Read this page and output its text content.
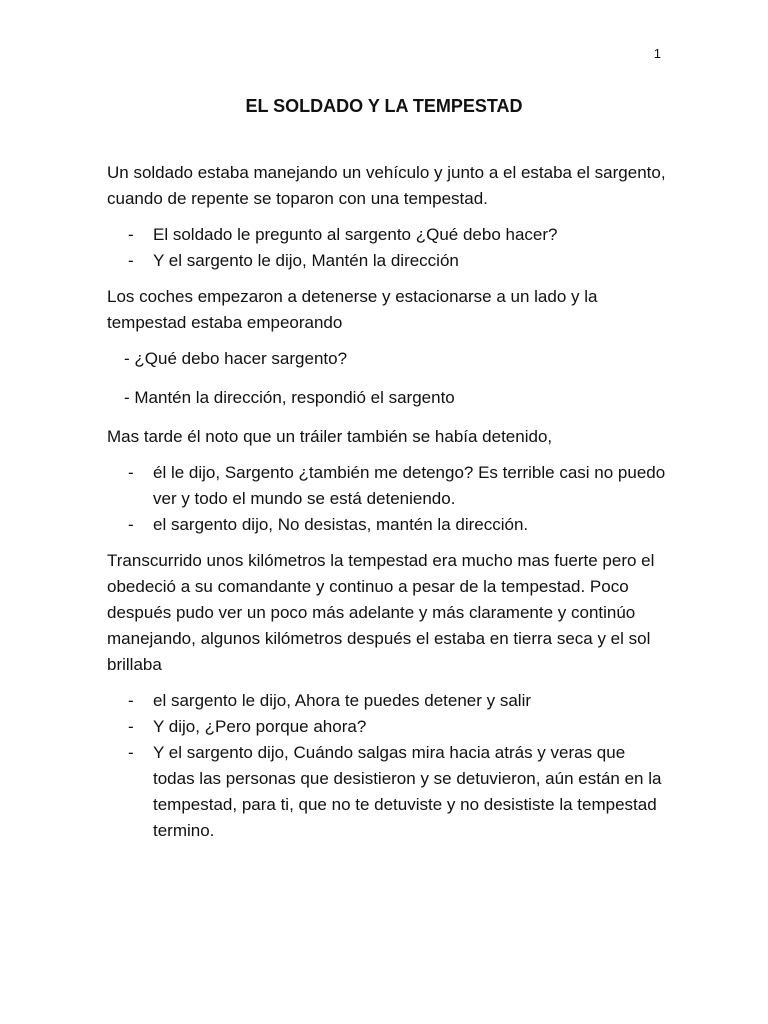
1
EL SOLDADO Y LA TEMPESTAD

Un soldado estaba manejando un vehículo y junto a el estaba el sargento, cuando de repente se toparon con una tempestad.

- El soldado le pregunto al sargento ¿Qué debo hacer?
- Y el sargento le dijo, Mantén la dirección

Los coches empezaron a detenerse y estacionarse a un lado y la tempestad estaba empeorando

- ¿Qué debo hacer sargento?

- Mantén la dirección, respondió el sargento

Mas tarde él noto que un tráiler también se había detenido,

- él le dijo, Sargento ¿también me detengo? Es terrible casi no puedo ver y todo el mundo se está deteniendo.
- el sargento dijo, No desistas, mantén la dirección.

Transcurrido unos kilómetros la tempestad era mucho mas fuerte pero el obedeció a su comandante y continuo a pesar de la tempestad. Poco después pudo ver un poco más adelante y más claramente y continúo manejando, algunos kilómetros después el estaba en tierra seca y el sol brillaba

- el sargento le dijo, Ahora te puedes detener y salir
- Y dijo, ¿Pero porque ahora?
- Y el sargento dijo, Cuándo salgas mira hacia atrás y veras que todas las personas que desistieron y se detuvieron, aún están en la tempestad, para ti, que no te detuviste y no desististe la tempestad termino.
